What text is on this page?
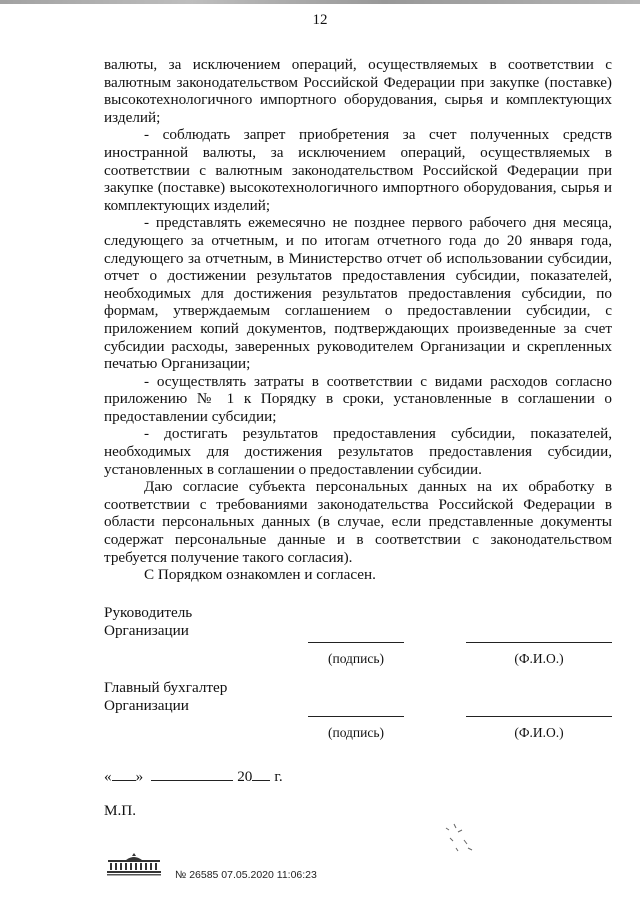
12

валюты, за исключением операций, осуществляемых в соответствии с валютным законодательством Российской Федерации при закупке (поставке) высокотехнологичного импортного оборудования, сырья и комплектующих изделий;

- соблюдать запрет приобретения за счет полученных средств иностранной валюты, за исключением операций, осуществляемых в соответствии с валютным законодательством Российской Федерации при закупке (поставке) высокотехнологичного импортного оборудования, сырья и комплектующих изделий;

- представлять ежемесячно не позднее первого рабочего дня месяца, следующего за отчетным, и по итогам отчетного года до 20 января года, следующего за отчетным, в Министерство отчет об использовании субсидии, отчет о достижении результатов предоставления субсидии, показателей, необходимых для достижения результатов предоставления субсидии, по формам, утверждаемым соглашением о предоставлении субсидии, с приложением копий документов, подтверждающих произведенные за счет субсидии расходы, заверенных руководителем Организации и скрепленных печатью Организации;

- осуществлять затраты в соответствии с видами расходов согласно приложению № 1 к Порядку в сроки, установленные в соглашении о предоставлении субсидии;

- достигать результатов предоставления субсидии, показателей, необходимых для достижения результатов предоставления субсидии, установленных в соглашении о предоставлении субсидии.

Даю согласие субъекта персональных данных на их обработку в соответствии с требованиями законодательства Российской Федерации в области персональных данных (в случае, если представленные документы содержат персональные данные и в соответствии с законодательством требуется получение такого согласия).

С Порядком ознакомлен и согласен.

Руководитель
Организации
(подпись)	(Ф.И.О.)
Главный бухгалтер
Организации
(подпись)	(Ф.И.О.)
« »	20 г.
М.П.
№ 26585 07.05.2020 11:06:23
